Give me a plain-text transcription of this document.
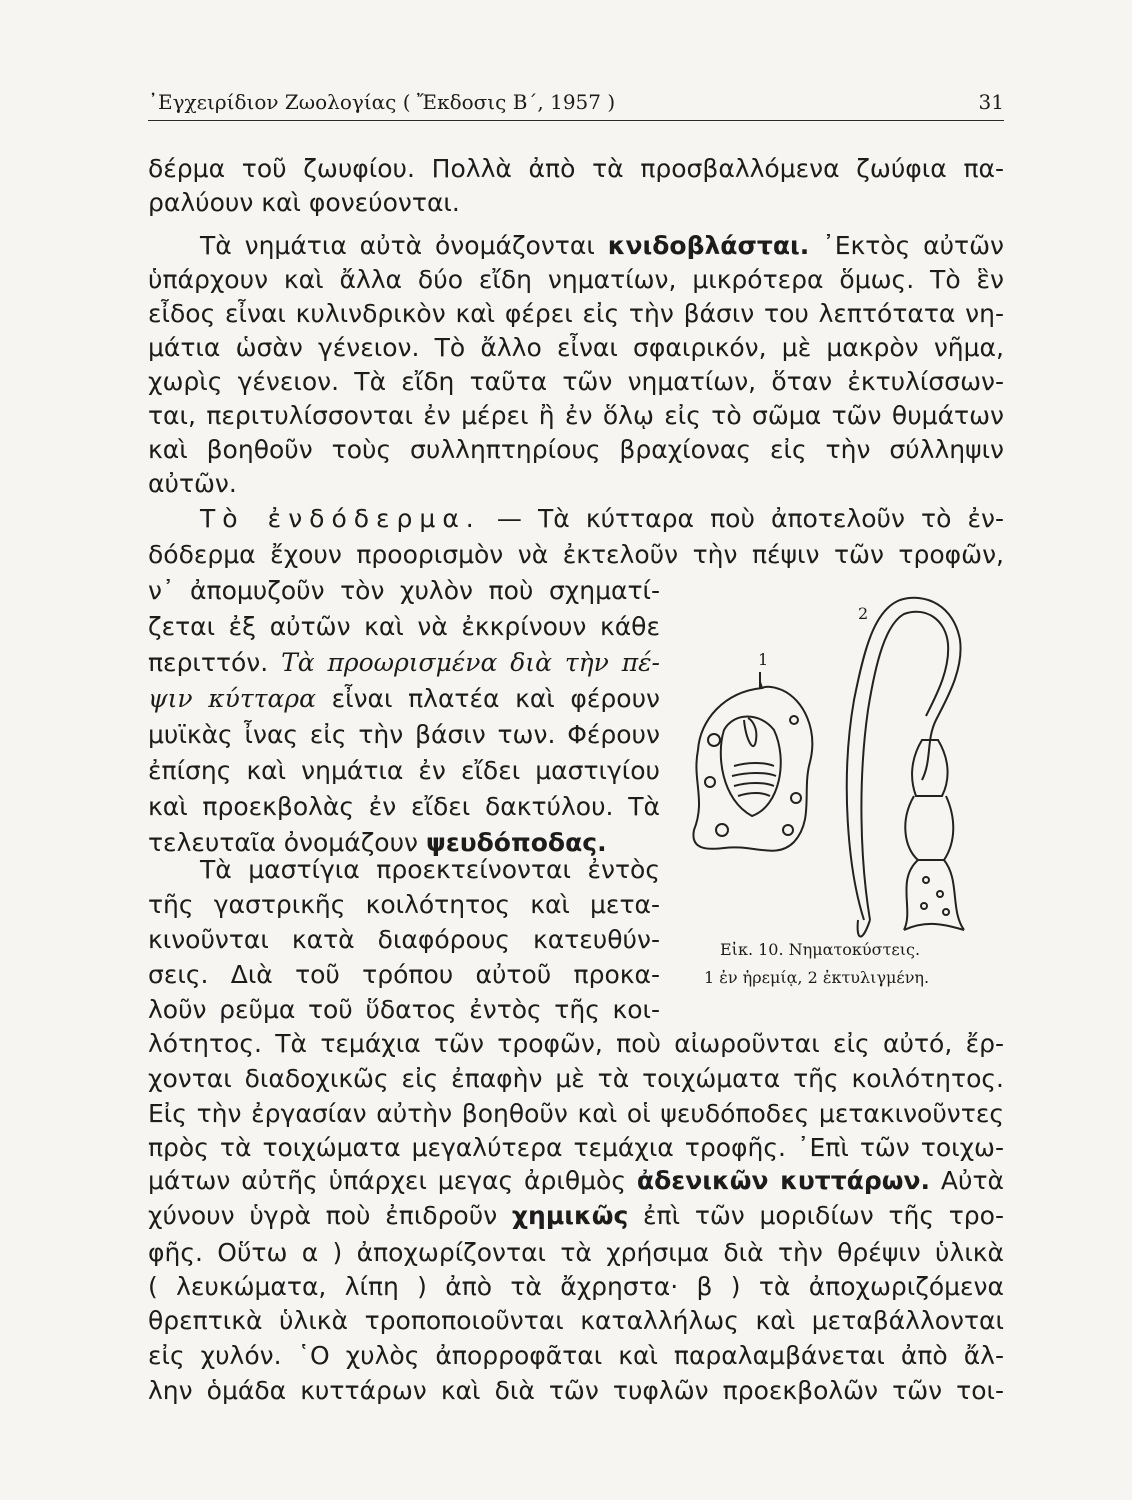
᾿Εγχειρίδιον Ζωολογίας ( Ἔκδοσις Β΄, 1957 )	31
δέρμα τοῦ ζωυφίου. Πολλὰ ἀπὸ τὰ προσβαλλόμενα ζωύφια πα-
ραλύουν καὶ φονεύονται.
Τὰ νημάτια αὐτὰ ὀνομάζονται κνιδοβλάσται. ᾿Εκτὸς αὐτῶν
ὑπάρχουν καὶ ἄλλα δύο εἴδη νηματίων, μικρότερα ὅμως. Τὸ ἓν
εἶδος εἶναι κυλινδρικὸν καὶ φέρει εἰς τὴν βάσιν του λεπτότατα νη-
μάτια ὡσὰν γένειον. Τὸ ἄλλο εἶναι σφαιρικόν, μὲ μακρὸν νῆμα,
χωρὶς γένειον. Τὰ εἴδη ταῦτα τῶν νηματίων, ὅταν ἐκτυλίσσων-
ται, περιτυλίσσονται ἐν μέρει ἢ ἐν ὅλῳ εἰς τὸ σῶμα τῶν θυμάτων
καὶ βοηθοῦν τοὺς συλληπτηρίους βραχίονας εἰς τὴν σύλληψιν
αὐτῶν.
Τὸ ἐνδόδερμα. — Τὰ κύτταρα ποὺ ἀποτελοῦν τὸ ἐν-
δόδερμα ἔχουν προορισμὸν νὰ ἐκτελοῦν τὴν πέψιν τῶν τροφῶν,
ν᾿ ἀπομυζοῦν τὸν χυλὸν ποὺ σχηματί-
ζεται ἐξ αὐτῶν καὶ νὰ ἐκκρίνουν κάθε
περιττόν. Τὰ προωρισμένα διὰ τὴν πέ-
ψιν κύτταρα εἶναι πλατέα καὶ φέρουν
μυϊκὰς ἶνας εἰς τὴν βάσιν των. Φέρουν
ἐπίσης καὶ νημάτια ἐν εἴδει μαστιγίου
καὶ προεκβολὰς ἐν εἴδει δακτύλου. Τὰ
τελευταῖα ὀνομάζουν ψευδόποδας.
Τὰ μαστίγια προεκτείνονται ἐντὸς
τῆς γαστρικῆς κοιλότητος καὶ μετα-
κινοῦνται κατὰ διαφόρους κατευθύν-
σεις. Διὰ τοῦ τρόπου αὐτοῦ προκα-
λοῦν ρεῦμα τοῦ ὕδατος ἐντὸς τῆς κοι-
λότητος. Τὰ τεμάχια τῶν τροφῶν, ποὺ αἰωροῦνται εἰς αὐτό, ἔρ-
χονται διαδοχικῶς εἰς ἐπαφὴν μὲ τὰ τοιχώματα τῆς κοιλότητος.
Εἰς τὴν ἐργασίαν αὐτὴν βοηθοῦν καὶ οἱ ψευδόποδες μετακινοῦντες
πρὸς τὰ τοιχώματα μεγαλύτερα τεμάχια τροφῆς. ᾿Επὶ τῶν τοιχω-
μάτων αὐτῆς ὑπάρχει μεγας ἀριθμὸς ἀδενικῶν κυττάρων. Αὐτὰ
χύνουν ὑγρὰ ποὺ ἐπιδροῦν χημικῶς ἐπὶ τῶν μοριδίων τῆς τρο-
φῆς. Οὕτω α ) ἀποχωρίζονται τὰ χρήσιμα διὰ τὴν θρέψιν ὑλικὰ
( λευκώματα, λίπη ) ἀπὸ τὰ ἄχρηστα· β ) τὰ ἀποχωριζόμενα
θρεπτικὰ ὑλικὰ τροποποιοῦνται καταλλήλως καὶ μεταβάλλονται
εἰς χυλόν. ῾Ο χυλὸς ἀπορροφᾶται καὶ παραλαμβάνεται ἀπὸ ἄλ-
λην ὁμάδα κυττάρων καὶ διὰ τῶν τυφλῶν προεκβολῶν τῶν τοι-
1
2
Εἰκ. 10. Νηματοκύστεις.
1 ἐν ἠρεμίᾳ, 2 ἐκτυλιγμένη.
